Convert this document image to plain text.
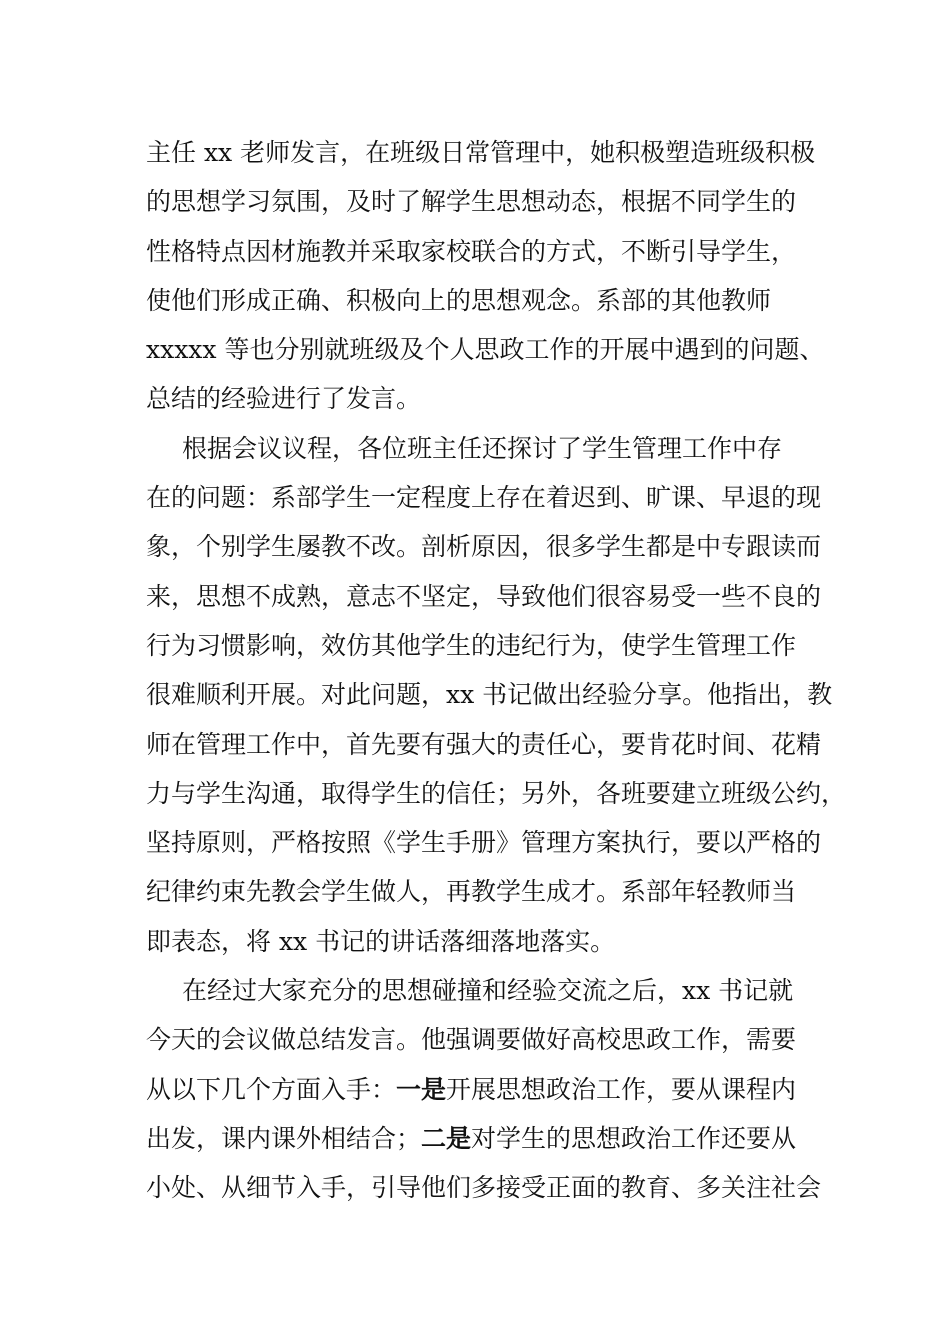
主任 xx 老师发言，在班级日常管理中，她积极塑造班级积极
的思想学习氛围，及时了解学生思想动态，根据不同学生的
性格特点因材施教并采取家校联合的方式，不断引导学生，
使他们形成正确、积极向上的思想观念。系部的其他教师
xxxxx 等也分别就班级及个人思政工作的开展中遇到的问题、
总结的经验进行了发言。
根据会议议程，各位班主任还探讨了学生管理工作中存
在的问题：系部学生一定程度上存在着迟到、旷课、早退的现
象，个别学生屡教不改。剖析原因，很多学生都是中专跟读而
来，思想不成熟，意志不坚定，导致他们很容易受一些不良的
行为习惯影响，效仿其他学生的违纪行为，使学生管理工作
很难顺利开展。对此问题，xx 书记做出经验分享。他指出，教
师在管理工作中，首先要有强大的责任心，要肯花时间、花精
力与学生沟通，取得学生的信任；另外，各班要建立班级公约，
坚持原则，严格按照《学生手册》管理方案执行，要以严格的
纪律约束先教会学生做人，再教学生成才。系部年轻教师当
即表态，将 xx 书记的讲话落细落地落实。
在经过大家充分的思想碰撞和经验交流之后，xx 书记就
今天的会议做总结发言。他强调要做好高校思政工作，需要
从以下几个方面入手：一是开展思想政治工作，要从课程内
出发，课内课外相结合；二是对学生的思想政治工作还要从
小处、从细节入手，引导他们多接受正面的教育、多关注社会
